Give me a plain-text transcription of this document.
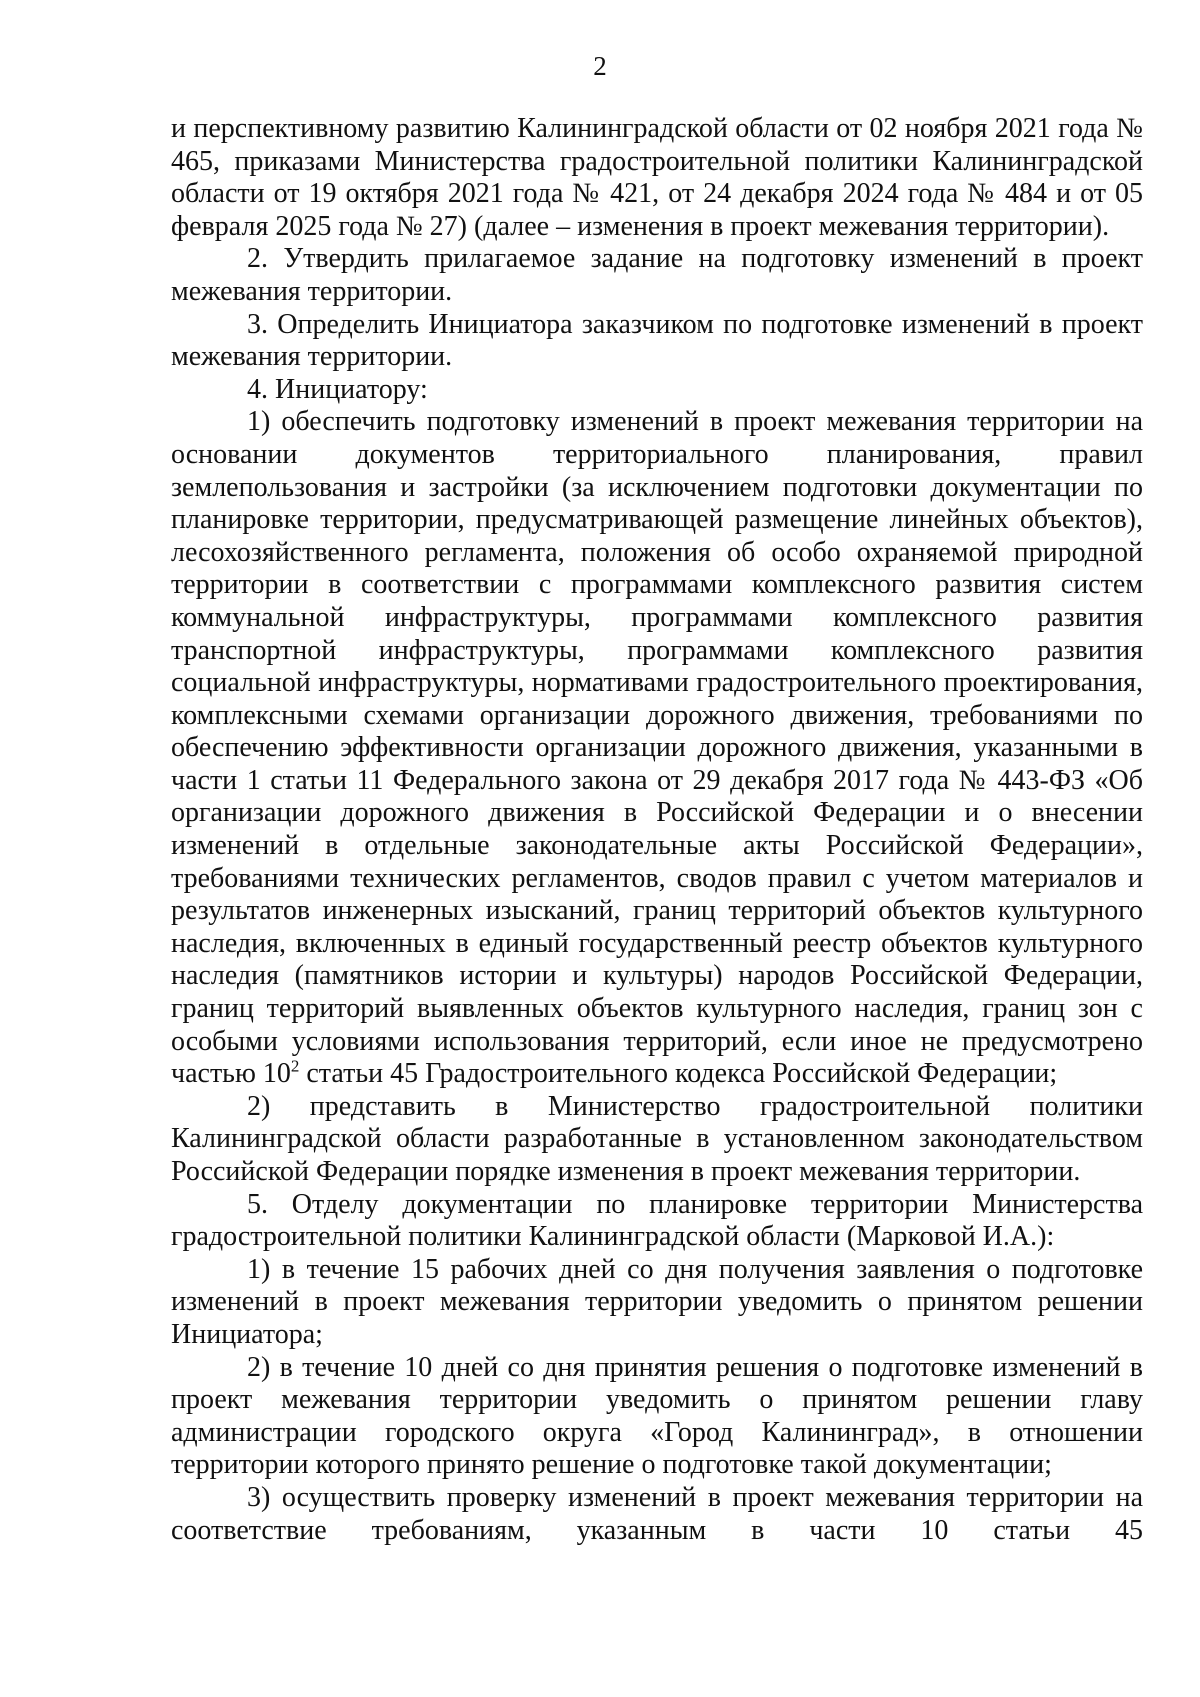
2

и перспективному развитию Калининградской области от 02 ноября 2021 года № 465, приказами Министерства градостроительной политики Калининградской области от 19 октября 2021 года № 421, от 24 декабря 2024 года № 484 и от 05 февраля 2025 года № 27) (далее – изменения в проект межевания территории).

2. Утвердить прилагаемое задание на подготовку изменений в проект межевания территории.

3. Определить Инициатора заказчиком по подготовке изменений в проект межевания территории.

4. Инициатору:

1) обеспечить подготовку изменений в проект межевания территории на основании документов территориального планирования, правил землепользования и застройки (за исключением подготовки документации по планировке территории, предусматривающей размещение линейных объектов), лесохозяйственного регламента, положения об особо охраняемой природной территории в соответствии с программами комплексного развития систем коммунальной инфраструктуры, программами комплексного развития транспортной инфраструктуры, программами комплексного развития социальной инфраструктуры, нормативами градостроительного проектирования, комплексными схемами организации дорожного движения, требованиями по обеспечению эффективности организации дорожного движения, указанными в части 1 статьи 11 Федерального закона от 29 декабря 2017 года № 443-ФЗ «Об организации дорожного движения в Российской Федерации и о внесении изменений в отдельные законодательные акты Российской Федерации», требованиями технических регламентов, сводов правил с учетом материалов и результатов инженерных изысканий, границ территорий объектов культурного наследия, включенных в единый государственный реестр объектов культурного наследия (памятников истории и культуры) народов Российской Федерации, границ территорий выявленных объектов культурного наследия, границ зон с особыми условиями использования территорий, если иное не предусмотрено частью $10^2$ статьи 45 Градостроительного кодекса Российской Федерации;

2) представить в Министерство градостроительной политики Калининградской области разработанные в установленном законодательством Российской Федерации порядке изменения в проект межевания территории.

5. Отделу документации по планировке территории Министерства градостроительной политики Калининградской области (Марковой И.А.):

1) в течение 15 рабочих дней со дня получения заявления о подготовке изменений в проект межевания территории уведомить о принятом решении Инициатора;

2) в течение 10 дней со дня принятия решения о подготовке изменений в проект межевания территории уведомить о принятом решении главу администрации городского округа «Город Калининград», в отношении территории которого принято решение о подготовке такой документации;

3) осуществить проверку изменений в проект межевания территории на соответствие требованиям, указанным в части 10 статьи 45
